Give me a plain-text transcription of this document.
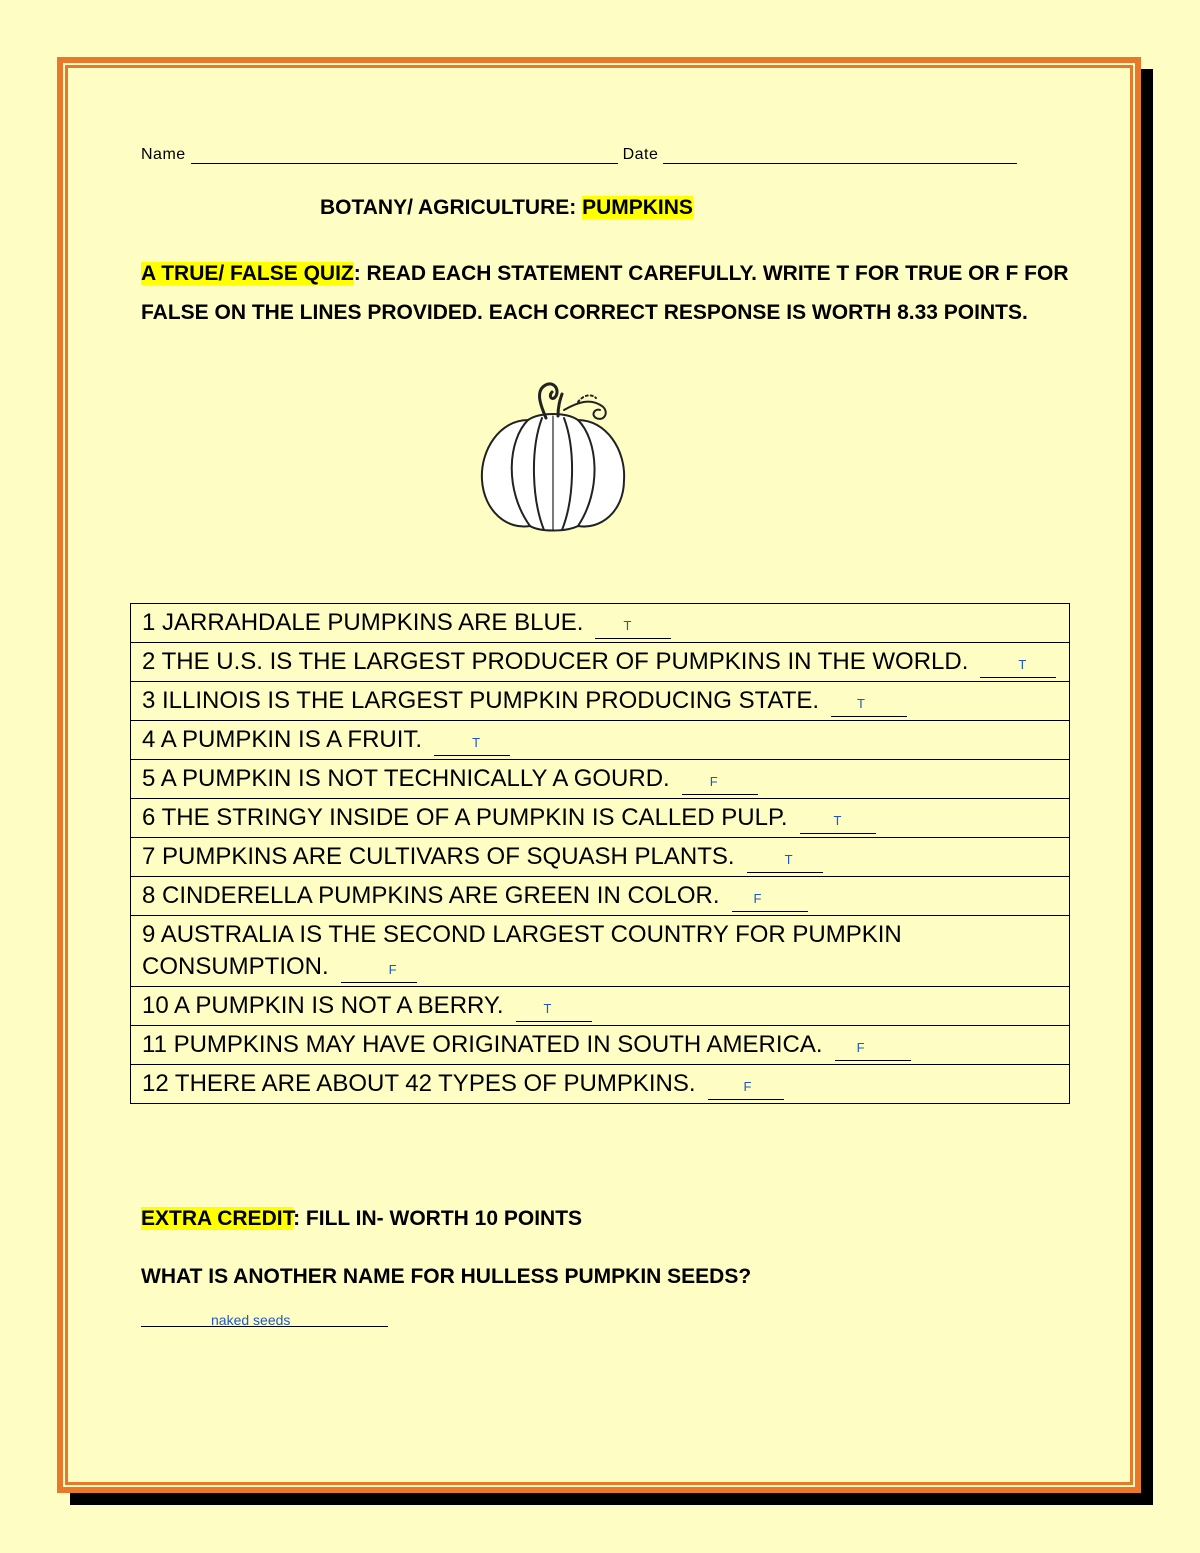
Name	Date
BOTANY/ AGRICULTURE: PUMPKINS
A TRUE/ FALSE QUIZ: READ EACH STATEMENT CAREFULLY. WRITE T FOR TRUE OR F FOR FALSE ON THE LINES PROVIDED. EACH CORRECT RESPONSE IS WORTH 8.33 POINTS.
1 JARRAHDALE PUMPKINS ARE BLUE.	T

2 THE U.S. IS THE LARGEST PRODUCER OF PUMPKINS IN THE WORLD.	T

3 ILLINOIS IS THE LARGEST PUMPKIN PRODUCING STATE.	T

4 A PUMPKIN IS A FRUIT.	T

5 A PUMPKIN IS NOT TECHNICALLY A GOURD.	F

6 THE STRINGY INSIDE OF A PUMPKIN IS CALLED PULP.	T

7 PUMPKINS ARE CULTIVARS OF SQUASH PLANTS.	T

8 CINDERELLA PUMPKINS ARE GREEN IN COLOR.	F

9 AUSTRALIA IS THE SECOND LARGEST COUNTRY FOR PUMPKIN CONSUMPTION.	F

10 A PUMPKIN IS NOT A BERRY.	T

11 PUMPKINS MAY HAVE ORIGINATED IN SOUTH AMERICA.	F

12 THERE ARE ABOUT 42 TYPES OF PUMPKINS.	F
EXTRA CREDIT: FILL IN- WORTH 10 POINTS
WHAT IS ANOTHER NAME FOR HULLESS PUMPKIN SEEDS?
naked seeds
